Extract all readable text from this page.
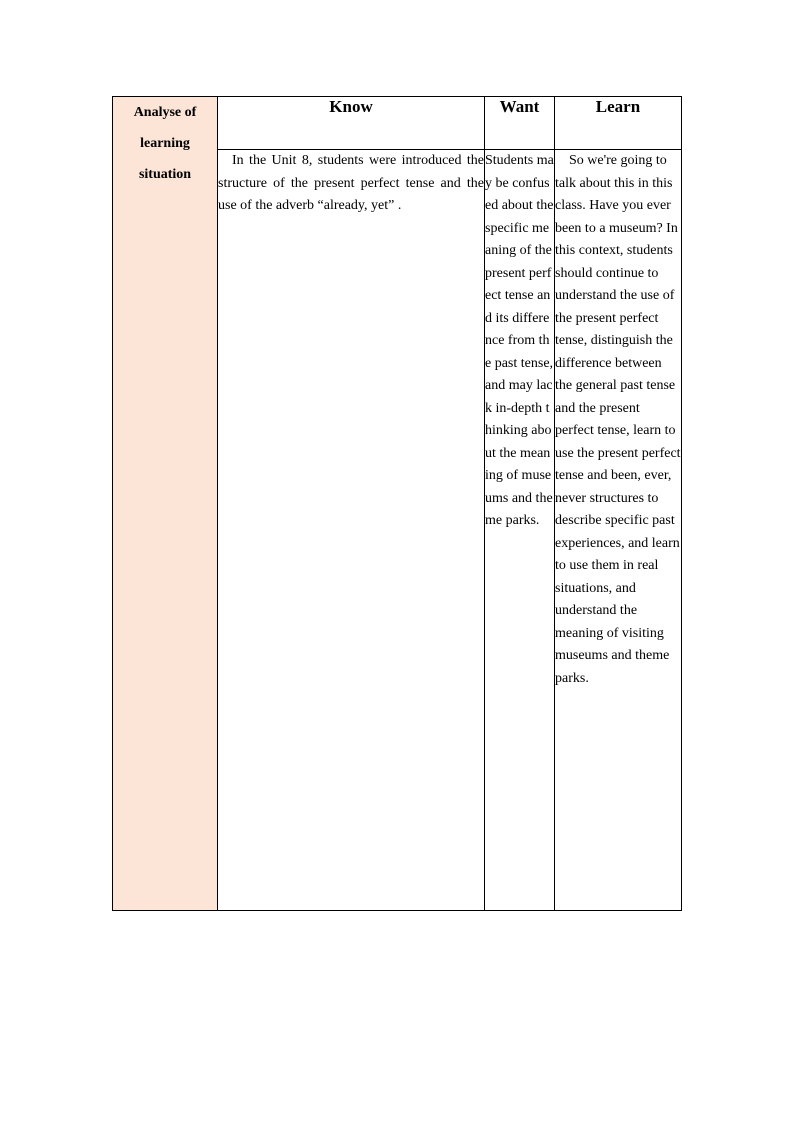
Analyse of learning situation	Know	Want	Learn
	In the Unit 8, students were introduced the structure of the present perfect tense and the use of the adverb “already, yet” .	Students may be confused about the specific meaning of the present perfect tense and its difference from the past tense, and may lack in-depth thinking about the meaning of museums and theme parks.	So we're going to talk about this in this class. Have you ever been to a museum? In this context, students should continue to understand the use of the present perfect tense, distinguish the difference between the general past tense and the present perfect tense, learn to use the present perfect tense and been, ever, never structures to describe specific past experiences, and learn to use them in real situations, and understand the meaning of visiting museums and theme parks.
